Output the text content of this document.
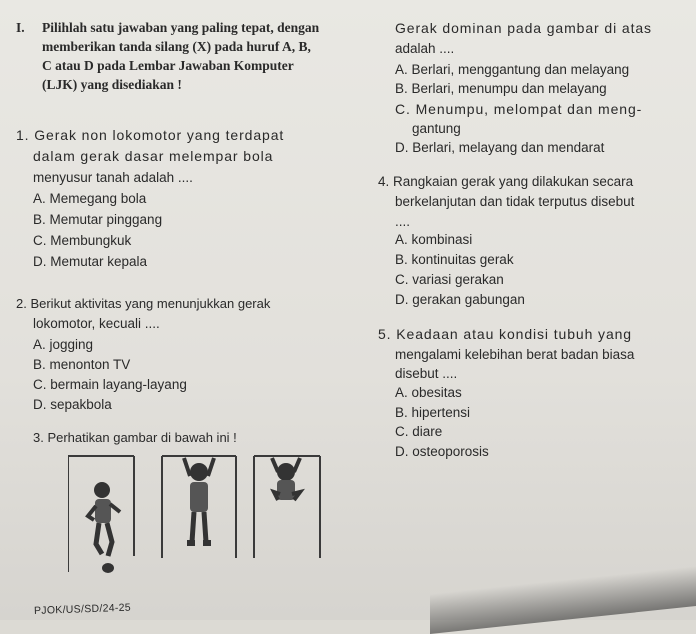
I. Pilihlah satu jawaban yang paling tepat, dengan
memberikan tanda silang (X) pada huruf A, B,
C atau D pada Lembar Jawaban Komputer
(LJK) yang disediakan !
1. Gerak non lokomotor yang terdapat
dalam gerak dasar melempar bola
menyusur tanah adalah ....
A. Memegang bola
B. Memutar pinggang
C. Membungkuk
D. Memutar kepala
2. Berikut aktivitas yang menunjukkan gerak
lokomotor, kecuali ....
A. jogging
B. menonton TV
C. bermain layang-layang
D. sepakbola
3. Perhatikan gambar di bawah ini !
Gerak dominan pada gambar di atas
adalah ....
A. Berlari, menggantung dan melayang
B. Berlari, menumpu dan melayang
C. Menumpu, melompat dan meng-
gantung
D. Berlari, melayang dan mendarat
4. Rangkaian gerak yang dilakukan secara
berkelanjutan dan tidak terputus disebut
....
A. kombinasi
B. kontinuitas gerak
C. variasi gerakan
D. gerakan gabungan
5. Keadaan atau kondisi tubuh yang
mengalami kelebihan berat badan biasa
disebut ....
A. obesitas
B. hipertensi
C. diare
D. osteoporosis
PJOK/US/SD/24-25
